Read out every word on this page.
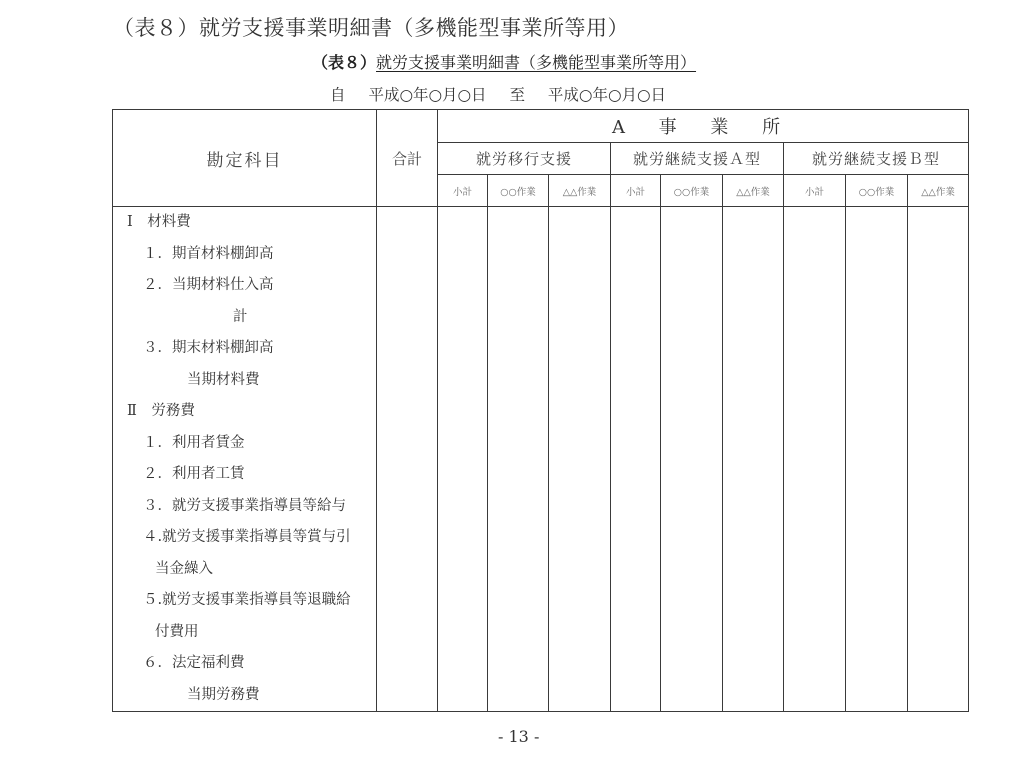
（表８）就労支援事業明細書（多機能型事業所等用）
（表８）就労支援事業明細書（多機能型事業所等用）
自 平成○年○月○日 至 平成○年○月○日
勘定科目	合計	A 事 業 所								
		就労移行支援			就労継続支援Ａ型			就労継続支援Ｂ型		
		小計	○○作業	△△作業	小計	○○作業	△△作業	小計	○○作業	△△作業

Ⅰ　材料費
１．期首材料棚卸高
２．当期材料仕入高
計
３．期末材料棚卸高
当期材料費
Ⅱ　労務費
１．利用者賃金
２．利用者工賃
３．就労支援事業指導員等給与
４.就労支援事業指導員等賞与引
当金繰入
５.就労支援事業指導員等退職給
付費用
６．法定福利費
当期労務費

- 13 -
